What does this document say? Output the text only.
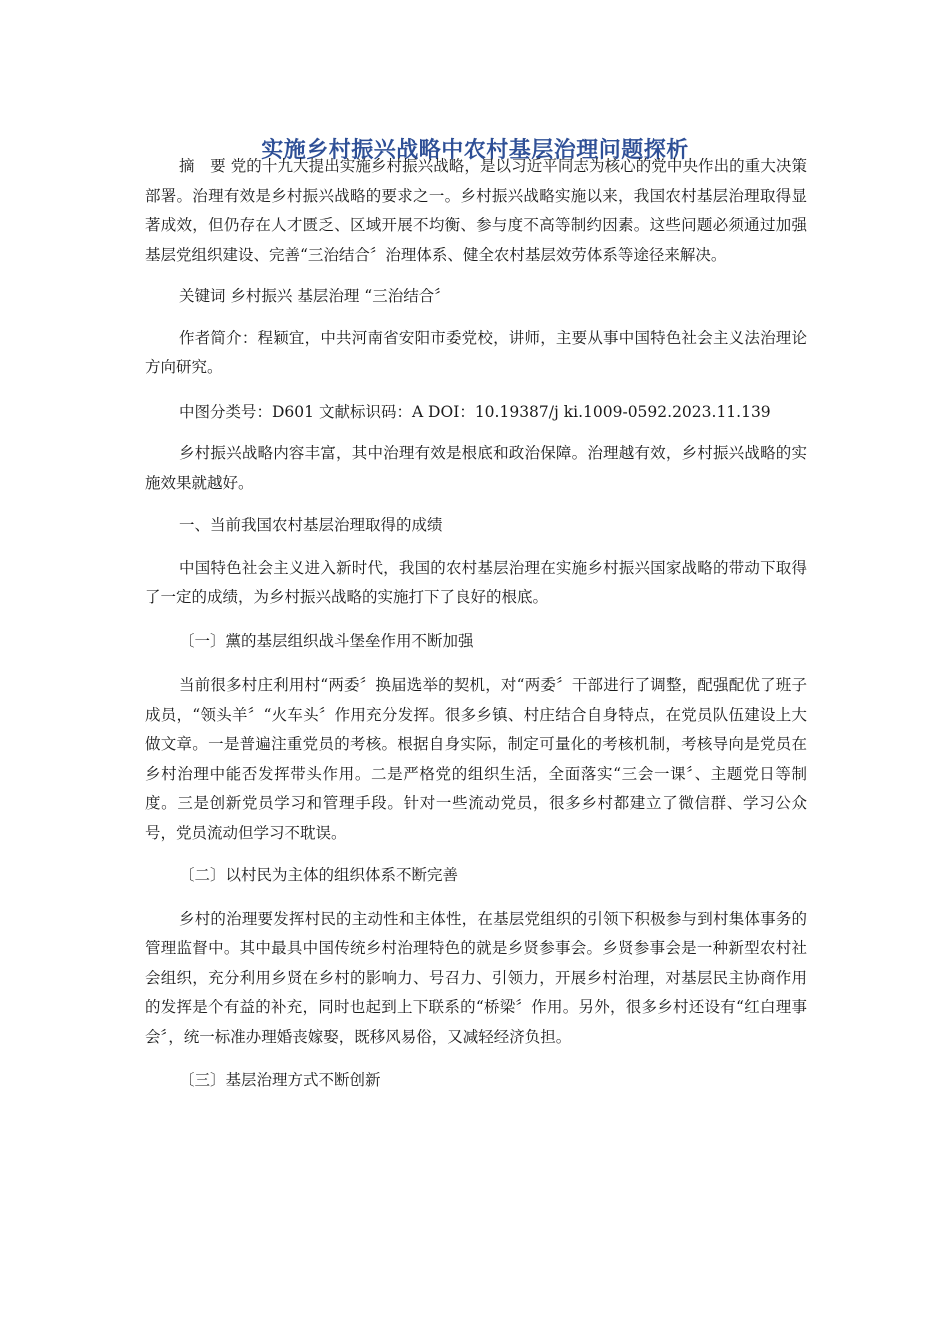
实施乡村振兴战略中农村基层治理问题探析

摘　要 党的十九大提出实施乡村振兴战略，是以习近平同志为核心的党中央作出的重大决策部署。治理有效是乡村振兴战略的要求之一。乡村振兴战略实施以来，我国农村基层治理取得显著成效，但仍存在人才匮乏、区域开展不均衡、参与度不高等制约因素。这些问题必须通过加强基层党组织建设、完善“三治结合〞治理体系、健全农村基层效劳体系等途径来解决。

关键词 乡村振兴 基层治理 “三治结合〞

作者简介：程颖宜，中共河南省安阳市委党校，讲师，主要从事中国特色社会主义法治理论方向研究。

中图分类号：D601 文献标识码：A DOI：10.19387/j ki.1009-0592.2023.11.139

乡村振兴战略内容丰富，其中治理有效是根底和政治保障。治理越有效，乡村振兴战略的实施效果就越好。

一、当前我国农村基层治理取得的成绩

中国特色社会主义进入新时代，我国的农村基层治理在实施乡村振兴国家战略的带动下取得了一定的成绩，为乡村振兴战略的实施打下了良好的根底。

〔一〕黨的基层组织战斗堡垒作用不断加强

当前很多村庄利用村“两委〞换届选举的契机，对“两委〞干部进行了调整，配强配优了班子成员，“领头羊〞“火车头〞作用充分发挥。很多乡镇、村庄结合自身特点，在党员队伍建设上大做文章。一是普遍注重党员的考核。根据自身实际，制定可量化的考核机制，考核导向是党员在乡村治理中能否发挥带头作用。二是严格党的组织生活，全面落实“三会一课〞、主题党日等制度。三是创新党员学习和管理手段。针对一些流动党员，很多乡村都建立了微信群、学习公众号，党员流动但学习不耽误。

〔二〕以村民为主体的组织体系不断完善

乡村的治理要发挥村民的主动性和主体性，在基层党组织的引领下积极参与到村集体事务的管理监督中。其中最具中国传统乡村治理特色的就是乡贤参事会。乡贤参事会是一种新型农村社会组织，充分利用乡贤在乡村的影响力、号召力、引领力，开展乡村治理，对基层民主协商作用的发挥是个有益的补充，同时也起到上下联系的“桥梁〞作用。另外，很多乡村还设有“红白理事会〞，统一标准办理婚丧嫁娶，既移风易俗，又减轻经济负担。

〔三〕基层治理方式不断创新
